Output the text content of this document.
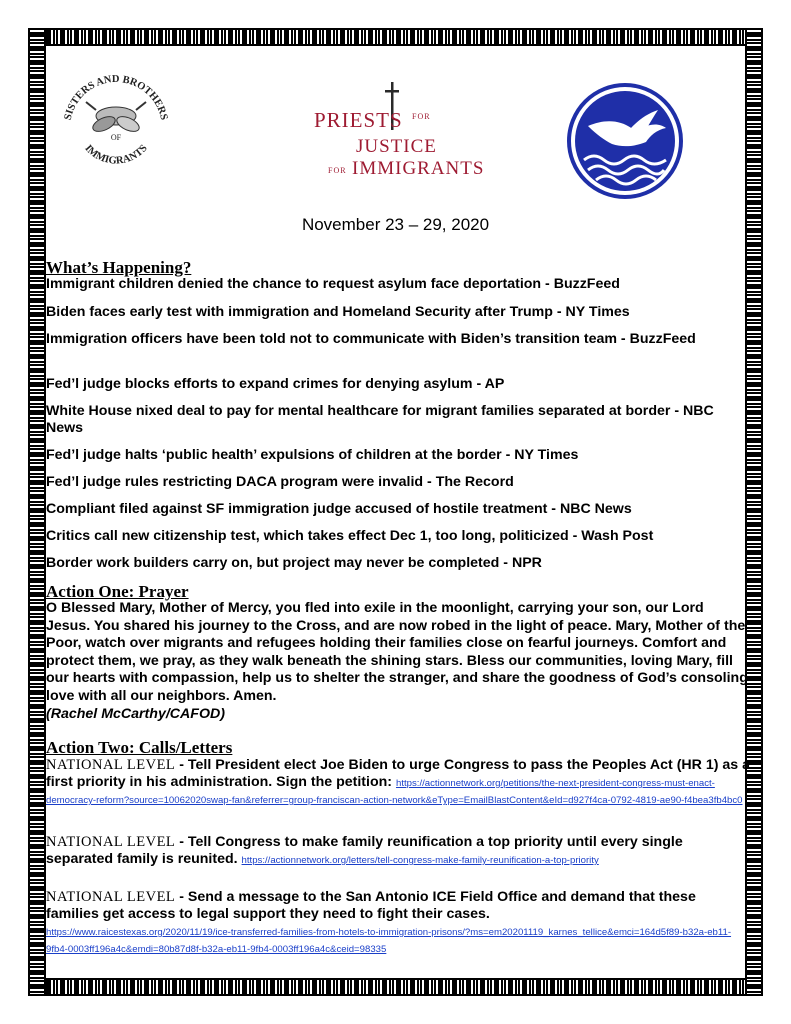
SISTERS AND BROTHERS
IMMIGRANTS
OF
PRIESTS FOR
JUSTICE
FOR IMMIGRANTS
November 23 – 29, 2020
What’s Happening?
Immigrant children denied the chance to request asylum face deportation - BuzzFeed
Biden faces early test with immigration and Homeland Security after Trump - NY Times
Immigration officers have been told not to communicate with Biden’s transition team - BuzzFeed
Fed’l judge blocks efforts to expand crimes for denying asylum - AP
White House nixed deal to pay for mental healthcare for migrant families separated at border - NBC News
Fed’l judge halts ‘public health’ expulsions of children at the border - NY Times
Fed’l judge rules restricting DACA program were invalid - The Record
Compliant filed against SF immigration judge accused of hostile treatment - NBC News
Critics call new citizenship test, which takes effect Dec 1, too long, politicized - Wash Post
Border work builders carry on, but project may never be completed - NPR
Action One: Prayer
O Blessed Mary, Mother of Mercy, you fled into exile in the moonlight, carrying your son, our Lord Jesus. You shared his journey to the Cross, and are now robed in the light of peace. Mary, Mother of the Poor, watch over migrants and refugees holding their families close on fearful journeys. Comfort and protect them, we pray, as they walk beneath the shining stars. Bless our communities, loving Mary, fill our hearts with compassion, help us to shelter the stranger, and share the goodness of God’s consoling love with all our neighbors. Amen.
(Rachel McCarthy/CAFOD)
Action Two: Calls/Letters
NATIONAL LEVEL - Tell President elect Joe Biden to urge Congress to pass the Peoples Act (HR 1) as a first priority in his administration. Sign the petition: https://actionnetwork.org/petitions/the-next-president-congress-must-enact-democracy-reform?source=10062020swap-fan&referrer=group-franciscan-action-network&eType=EmailBlastContent&eId=d927f4ca-0792-4819-ae90-f4bea3fb4bc0
NATIONAL LEVEL - Tell Congress to make family reunification a top priority until every single separated family is reunited. https://actionnetwork.org/letters/tell-congress-make-family-reunification-a-top-priority
NATIONAL LEVEL - Send a message to the San Antonio ICE Field Office and demand that these families get access to legal support they need to fight their cases.
https://www.raicestexas.org/2020/11/19/ice-transferred-families-from-hotels-to-immigration-prisons/?ms=em20201119_karnes_tellice&emci=164d5f89-b32a-eb11-9fb4-0003ff196a4c&emdi=80b87d8f-b32a-eb11-9fb4-0003ff196a4c&ceid=98335
